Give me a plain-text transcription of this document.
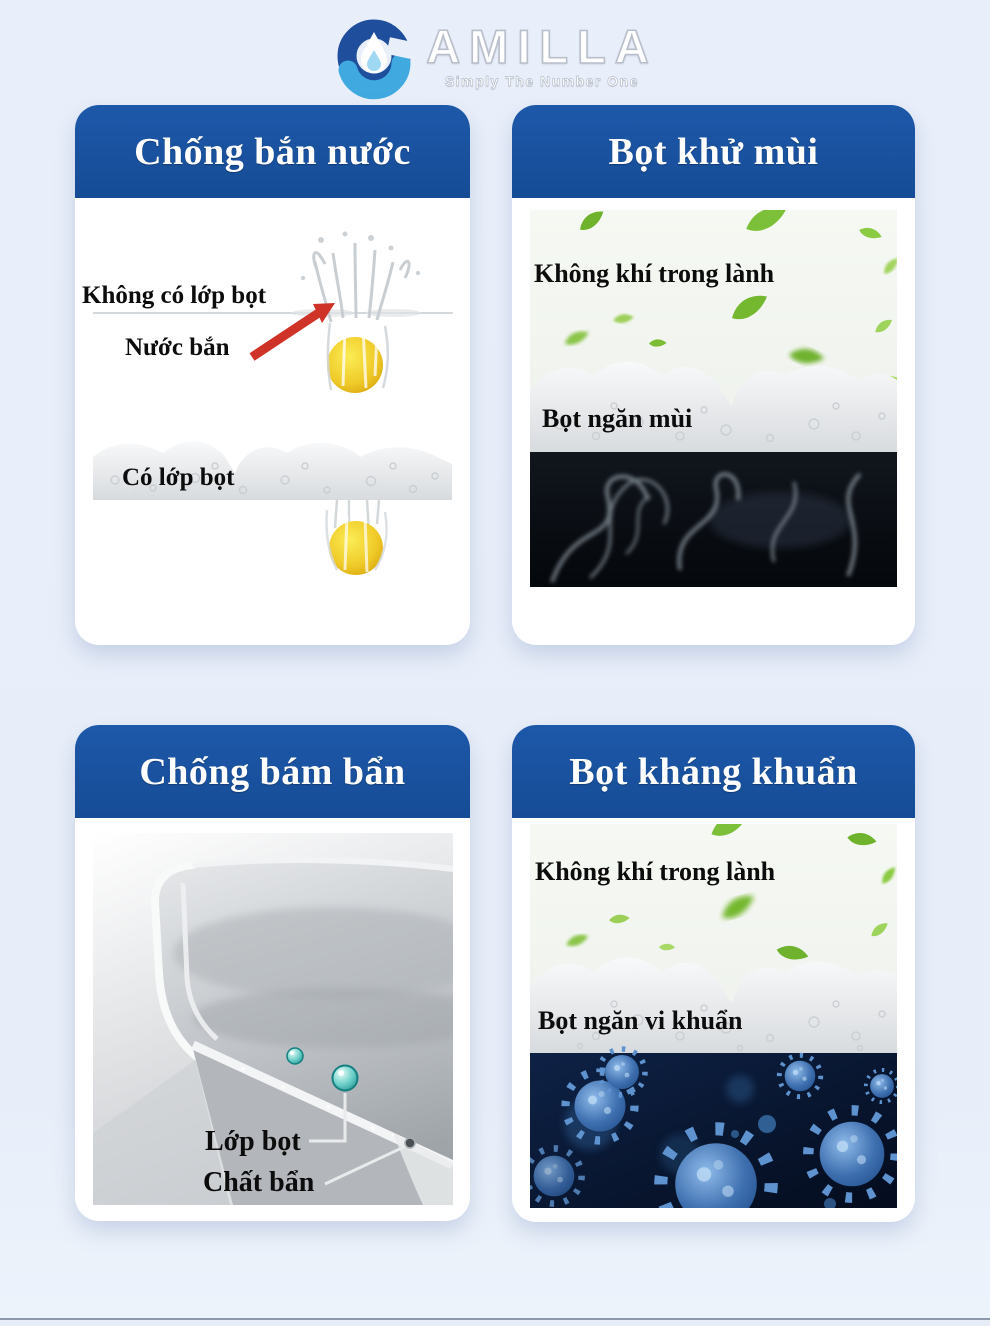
AMILLA
Simply The Number One
Chống bắn nước
Không có lớp bọt
Nước bắn
Có lớp bọt
Bọt khử mùi
Không khí trong lành
Bọt ngăn mùi
Chống bám bẩn
Lớp bọt
Chất bẩn
Bọt kháng khuẩn
Không khí trong lành
Bọt ngăn vi khuẩn
